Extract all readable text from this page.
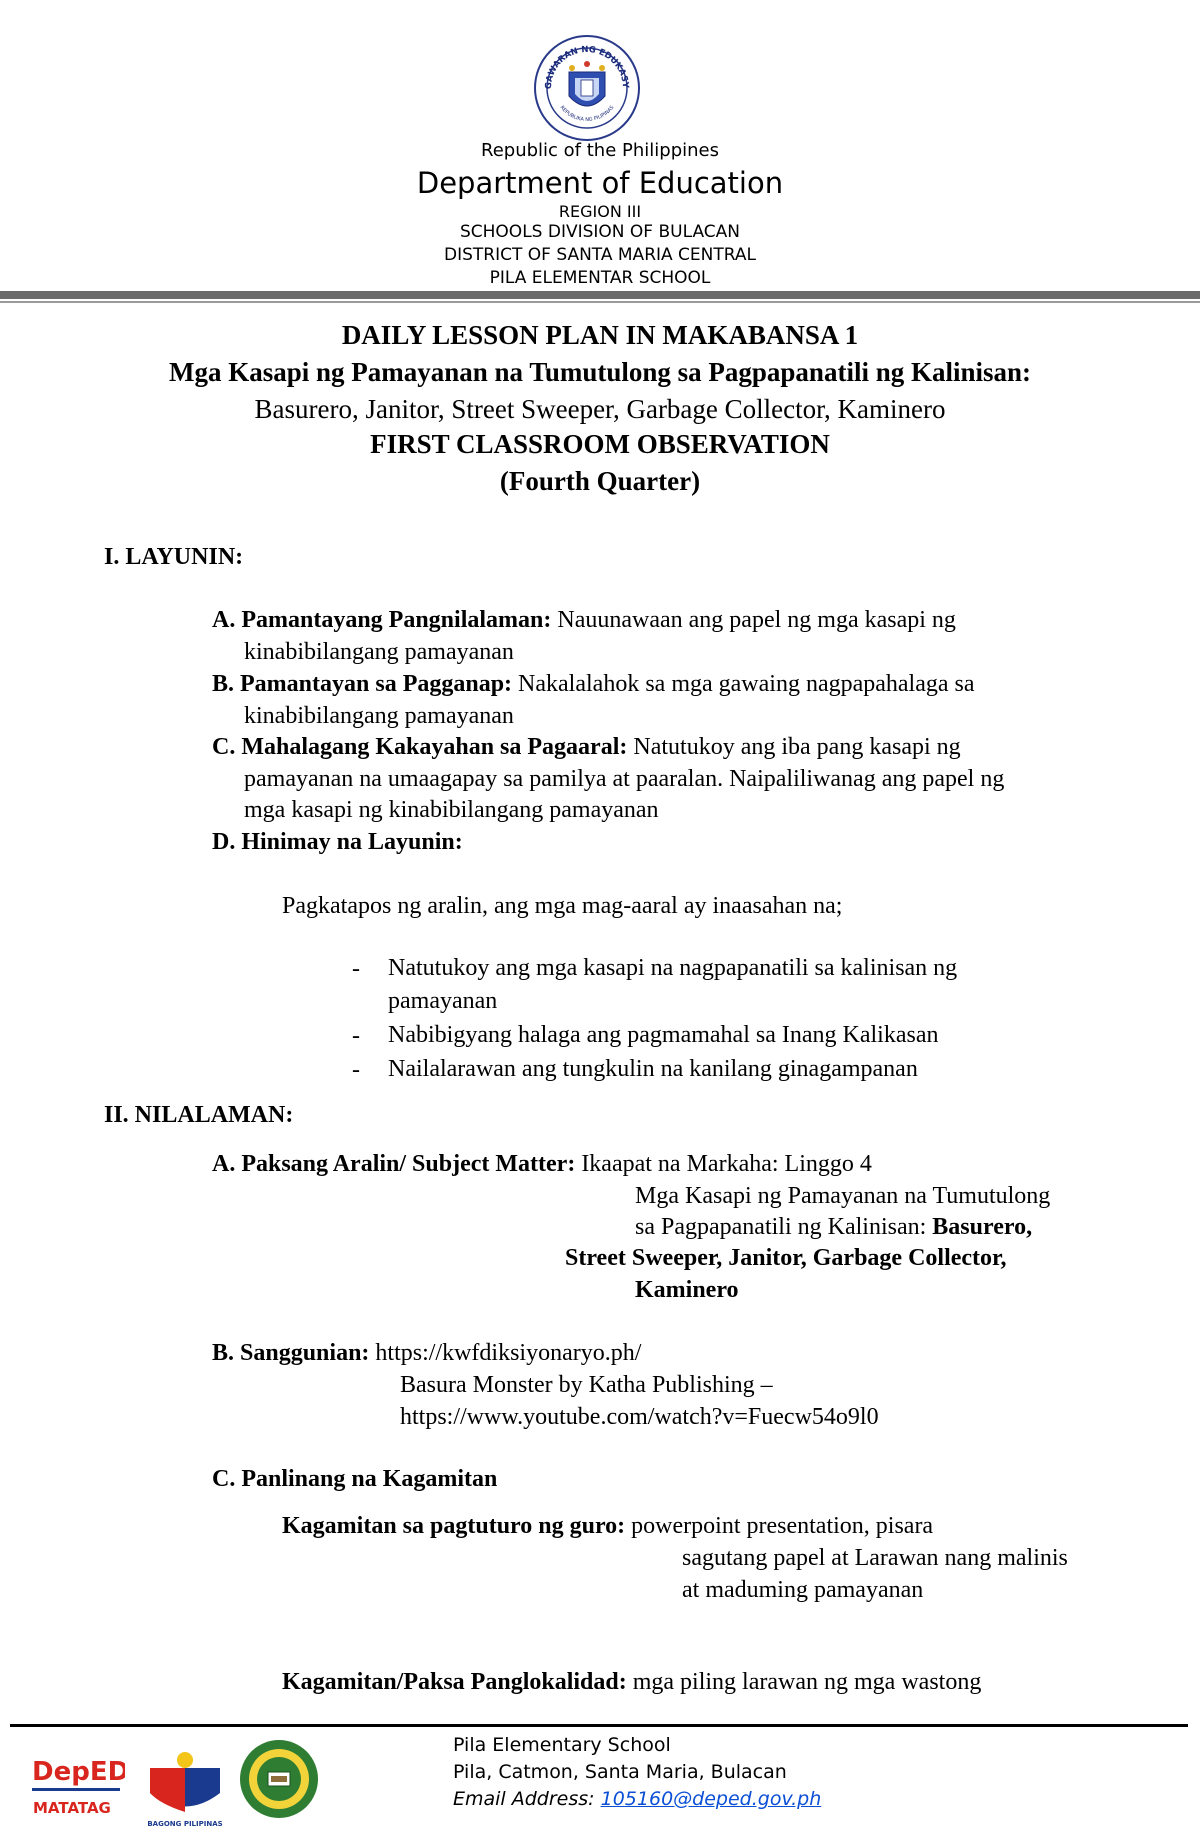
GAWARAN NG EDUKASY
REPUBLIKA NG PILIPINAS
Republic of the Philippines
Department of Education
REGION III
SCHOOLS DIVISION OF BULACAN
DISTRICT OF SANTA MARIA CENTRAL
PILA ELEMENTAR SCHOOL
DAILY LESSON PLAN IN MAKABANSA 1
Mga Kasapi ng Pamayanan na Tumutulong sa Pagpapanatili ng Kalinisan:
Basurero, Janitor, Street Sweeper, Garbage Collector, Kaminero
FIRST CLASSROOM OBSERVATION
(Fourth Quarter)
I. LAYUNIN:
A. Pamantayang Pangnilalaman: Nauunawaan ang papel ng mga kasapi ng
kinabibilangang pamayanan
B. Pamantayan sa Pagganap: Nakalalahok sa mga gawaing nagpapahalaga sa
kinabibilangang pamayanan
C. Mahalagang Kakayahan sa Pagaaral: Natutukoy ang iba pang kasapi ng
pamayanan na umaagapay sa pamilya at paaralan. Naipaliliwanag ang papel ng
mga kasapi ng kinabibilangang pamayanan
D. Hinimay na Layunin:
Pagkatapos ng aralin, ang mga mag-aaral ay inaasahan na;
- Natutukoy ang mga kasapi na nagpapanatili sa kalinisan ng
pamayanan
- Nabibigyang halaga ang pagmamahal sa Inang Kalikasan
- Nailalarawan ang tungkulin na kanilang ginagampanan
II. NILALAMAN:
A. Paksang Aralin/ Subject Matter: Ikaapat na Markaha: Linggo 4
Mga Kasapi ng Pamayanan na Tumutulong
sa Pagpapanatili ng Kalinisan: Basurero,
Street Sweeper, Janitor, Garbage Collector,
Kaminero
B. Sanggunian: https://kwfdiksiyonaryo.ph/
Basura Monster by Katha Publishing –
https://www.youtube.com/watch?v=Fuecw54o9l0
C. Panlinang na Kagamitan
Kagamitan sa pagtuturo ng guro: powerpoint presentation, pisara
sagutang papel at Larawan nang malinis
at maduming pamayanan
Kagamitan/Paksa Panglokalidad: mga piling larawan ng mga wastong
DepED
MATATAG
BAGONG PILIPINAS
Pila Elementary School
Pila, Catmon, Santa Maria, Bulacan
Email Address: 105160@deped.gov.ph
